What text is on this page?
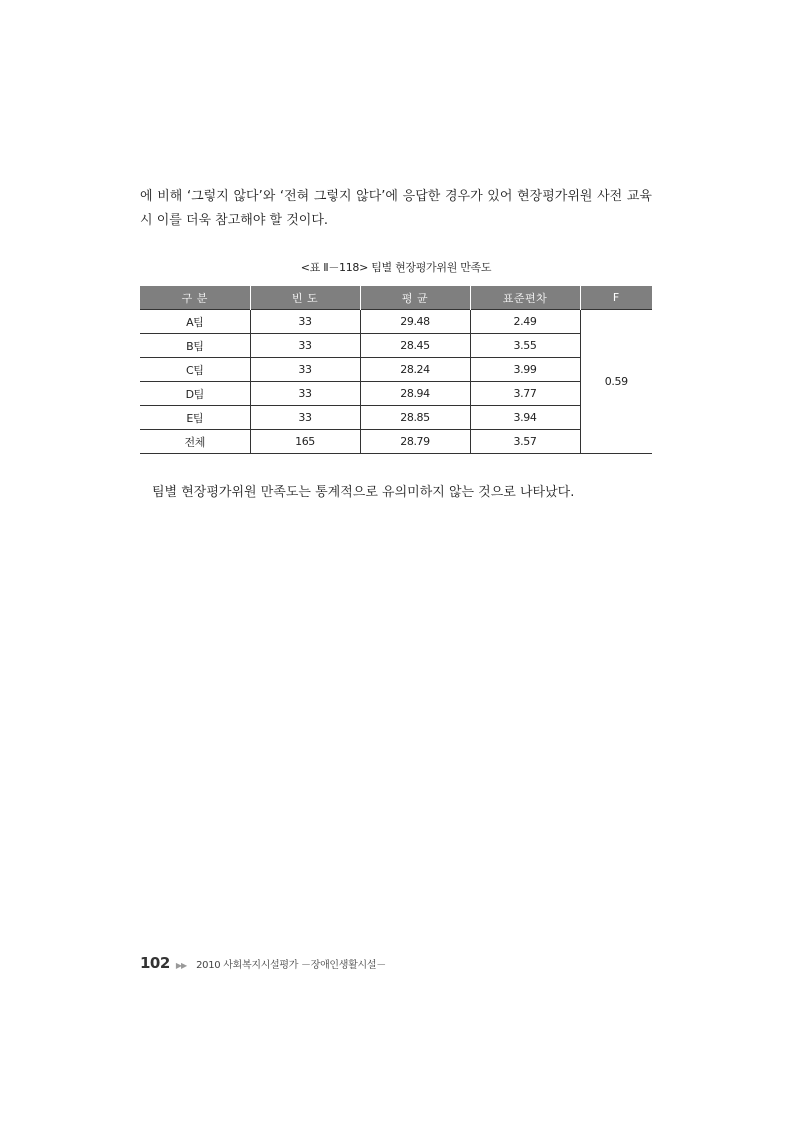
에 비해 ‘그렇지 않다’와 ‘전혀 그렇지 않다’에 응답한 경우가 있어 현장평가위원 사전 교육 시 이를 더욱 참고해야 할 것이다.

<표 Ⅱ－118> 팀별 현장평가위원 만족도
구 분	빈 도	평 균	표준편차	F
A팀	33	29.48	2.49	0.59
B팀	33	28.45	3.55	
C팀	33	28.24	3.99	
D팀	33	28.94	3.77	
E팀	33	28.85	3.94	
전체	165	28.79	3.57	

팀별 현장평가위원 만족도는 통계적으로 유의미하지 않는 것으로 나타났다.

102 ▶▶ 2010 사회복지시설평가 －장애인생활시설－
